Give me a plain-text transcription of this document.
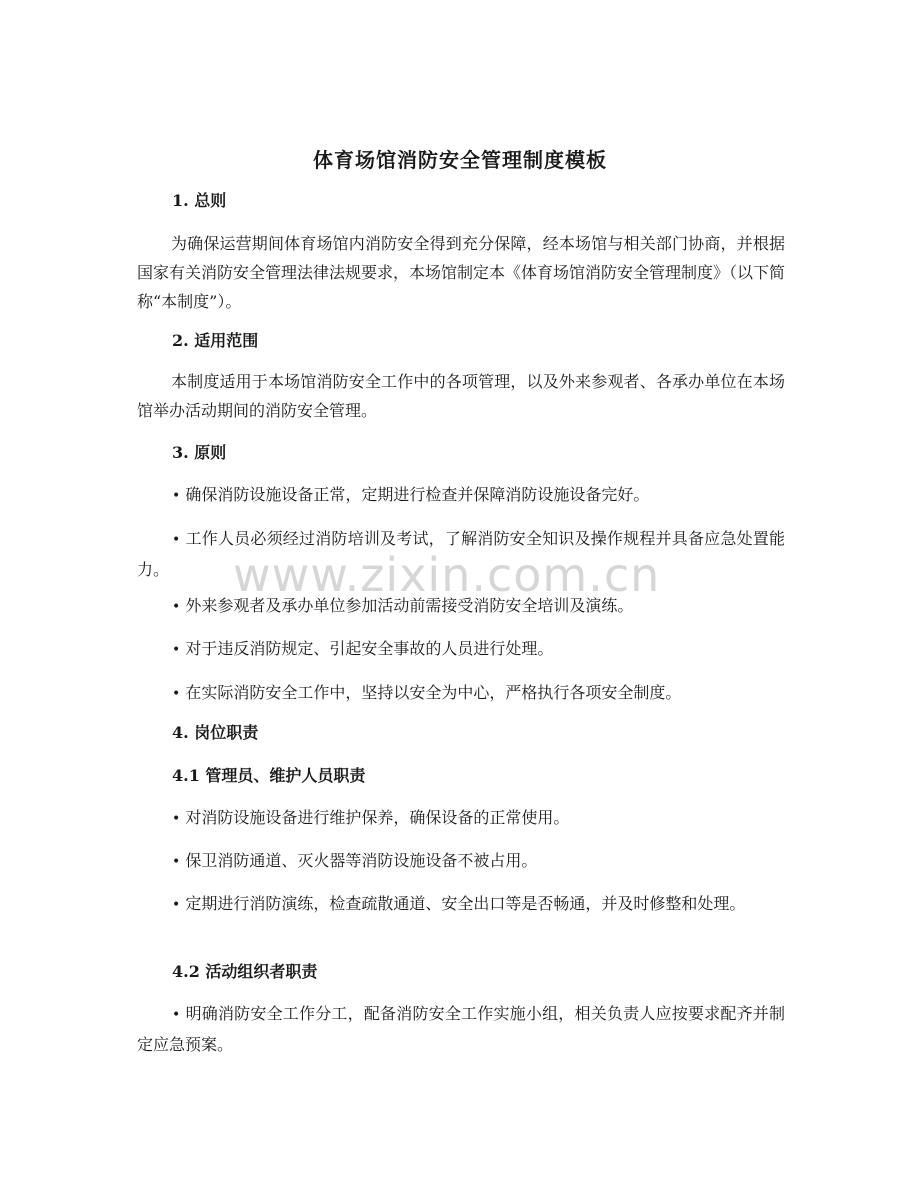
体育场馆消防安全管理制度模板
1. 总则
为确保运营期间体育场馆内消防安全得到充分保障，经本场馆与相关部门协商，并根据国家有关消防安全管理法律法规要求，本场馆制定本《体育场馆消防安全管理制度》（以下简称“本制度”）。
2. 适用范围
本制度适用于本场馆消防安全工作中的各项管理，以及外来参观者、各承办单位在本场馆举办活动期间的消防安全管理。
3. 原则
• 确保消防设施设备正常，定期进行检查并保障消防设施设备完好。
• 工作人员必须经过消防培训及考试，了解消防安全知识及操作规程并具备应急处置能力。
• 外来参观者及承办单位参加活动前需接受消防安全培训及演练。
• 对于违反消防规定、引起安全事故的人员进行处理。
• 在实际消防安全工作中，坚持以安全为中心，严格执行各项安全制度。
4. 岗位职责
4.1 管理员、维护人员职责
• 对消防设施设备进行维护保养，确保设备的正常使用。
• 保卫消防通道、灭火器等消防设施设备不被占用。
• 定期进行消防演练，检查疏散通道、安全出口等是否畅通，并及时修整和处理。
4.2 活动组织者职责
• 明确消防安全工作分工，配备消防安全工作实施小组，相关负责人应按要求配齐并制定应急预案。
www.zixin.com.cn
